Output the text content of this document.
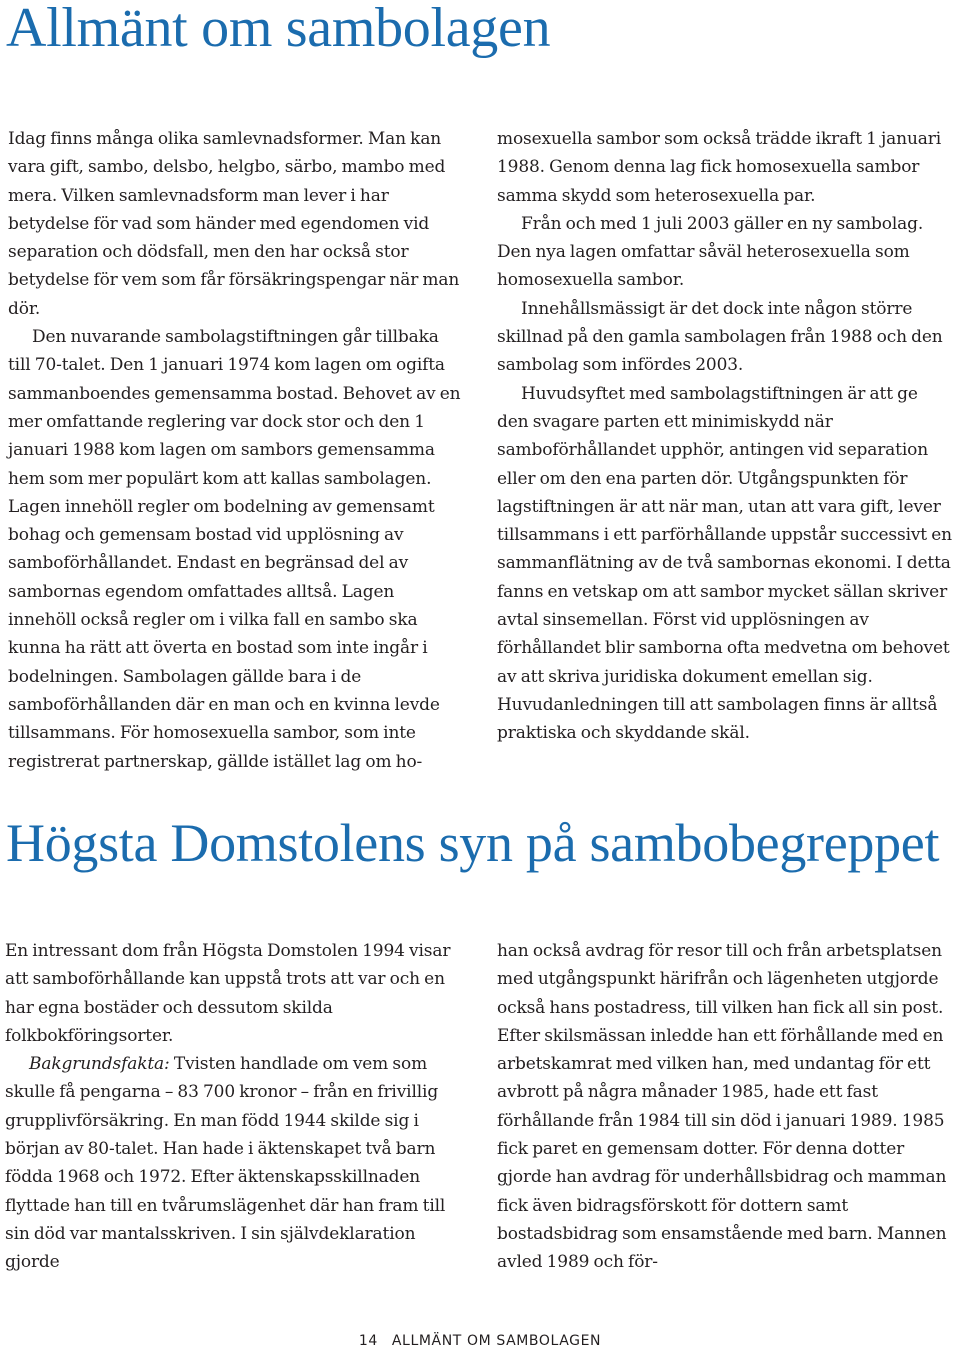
Allmänt om sambolagen

Idag finns många olika samlevnadsformer. Man kan vara gift, sambo, delsbo, helgbo, särbo, mambo med mera. Vilken samlevnadsform man lever i har betydelse för vad som händer med egendomen vid separation och dödsfall, men den har också stor betydelse för vem som får försäkringspengar när man dör.

Den nuvarande sambolagstiftningen går tillbaka till 70-talet. Den 1 januari 1974 kom lagen om ogifta sammanboendes gemensamma bostad. Behovet av en mer omfattande reglering var dock stor och den 1 januari 1988 kom lagen om sambors gemensamma hem som mer populärt kom att kallas sambolagen. Lagen innehöll regler om bodelning av gemensamt bohag och gemensam bostad vid upplösning av samboförhållandet. Endast en begränsad del av sambornas egendom omfattades alltså. Lagen innehöll också regler om i vilka fall en sambo ska kunna ha rätt att överta en bostad som inte ingår i bodelningen. Sambolagen gällde bara i de samboförhållanden där en man och en kvinna levde tillsammans. För homosexuella sambor, som inte registrerat partnerskap, gällde istället lag om ho-

mosexuella sambor som också trädde ikraft 1 januari 1988. Genom denna lag fick homosexuella sambor samma skydd som heterosexuella par.

Från och med 1 juli 2003 gäller en ny sambolag. Den nya lagen omfattar såväl heterosexuella som homosexuella sambor.

Innehållsmässigt är det dock inte någon större skillnad på den gamla sambolagen från 1988 och den sambolag som infördes 2003.

Huvudsyftet med sambolagstiftningen är att ge den svagare parten ett minimiskydd när samboförhållandet upphör, antingen vid separation eller om den ena parten dör. Utgångspunkten för lagstiftningen är att när man, utan att vara gift, lever tillsammans i ett parförhållande uppstår successivt en sammanflätning av de två sambornas ekonomi. I detta fanns en vetskap om att sambor mycket sällan skriver avtal sinsemellan. Först vid upplösningen av förhållandet blir samborna ofta medvetna om behovet av att skriva juridiska dokument emellan sig. Huvudanledningen till att sambolagen finns är alltså praktiska och skyddande skäl.

Högsta Domstolens syn på sambobegreppet

En intressant dom från Högsta Domstolen 1994 visar att samboförhållande kan uppstå trots att var och en har egna bostäder och dessutom skilda folkbokföringsorter.

Bakgrundsfakta: Tvisten handlade om vem som skulle få pengarna – 83 700 kronor – från en frivillig grupplivförsäkring. En man född 1944 skilde sig i början av 80-talet. Han hade i äktenskapet två barn födda 1968 och 1972. Efter äktenskapsskillnaden flyttade han till en tvårumslägenhet där han fram till sin död var mantalsskriven. I sin självdeklaration gjorde

han också avdrag för resor till och från arbetsplatsen med utgångspunkt härifrån och lägenheten utgjorde också hans postadress, till vilken han fick all sin post. Efter skilsmässan inledde han ett förhållande med en arbetskamrat med vilken han, med undantag för ett avbrott på några månader 1985, hade ett fast förhållande från 1984 till sin död i januari 1989. 1985 fick paret en gemensam dotter. För denna dotter gjorde han avdrag för underhållsbidrag och mamman fick även bidragsförskott för dottern samt bostadsbidrag som ensamstående med barn. Mannen avled 1989 och för-

14 ALLMÄNT OM SAMBOLAGEN
